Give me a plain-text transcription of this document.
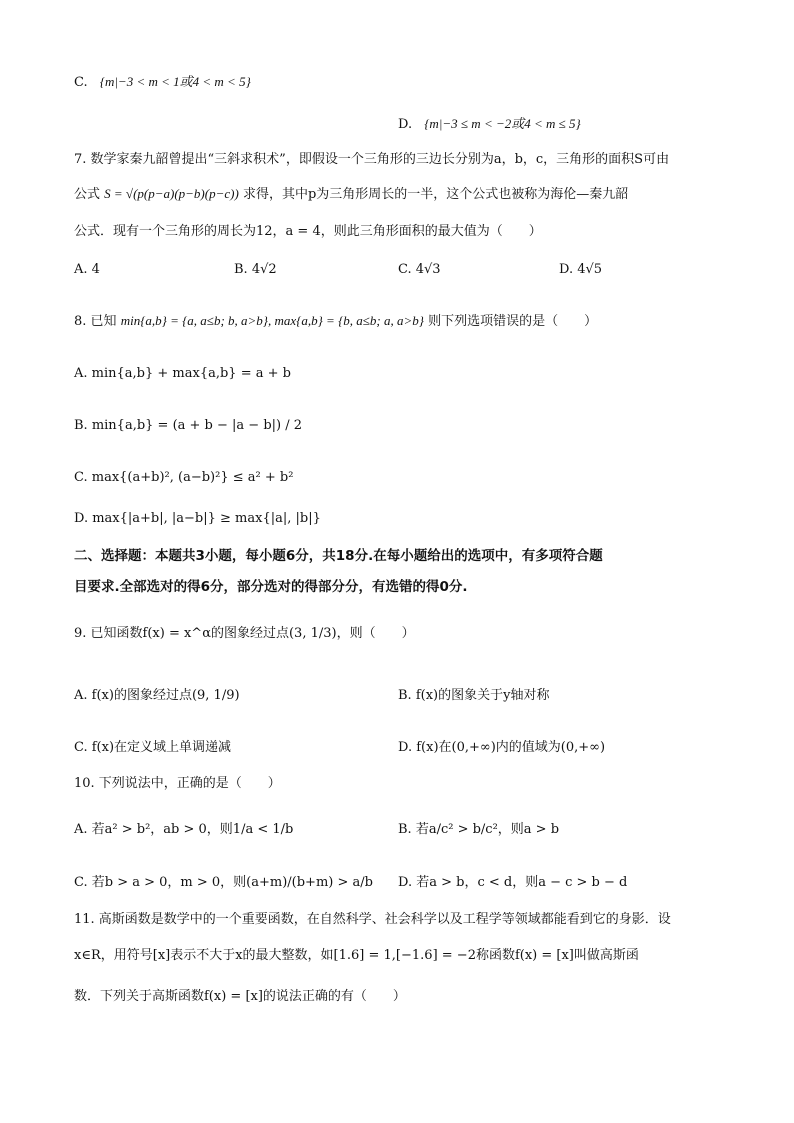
C. {m|−3 < m < 1或4 < m < 5}
D. {m|−3 ≤ m < −2或4 < m ≤ 5}
7. 数学家秦九韶曾提出“三斜求积术”，即假设一个三角形的三边长分别为a，b，c，三角形的面积S可由
公式 S = √(p(p−a)(p−b)(p−c)) 求得，其中p为三角形周长的一半，这个公式也被称为海伦—秦九韶
公式．现有一个三角形的周长为12，a = 4，则此三角形面积的最大值为（　　）
A. 4	B. 4√2	C. 4√3	D. 4√5
8. 已知 min{a,b} = {a, a≤b; b, a>b}, max{a,b} = {b, a≤b; a, a>b} 则下列选项错误的是（　　）
A. min{a,b} + max{a,b} = a + b
B. min{a,b} = (a + b − |a − b|) / 2
C. max{(a+b)², (a−b)²} ≤ a² + b²
D. max{|a+b|, |a−b|} ≥ max{|a|, |b|}
二、选择题：本题共3小题，每小题6分，共18分.在每小题给出的选项中，有多项符合题
目要求.全部选对的得6分，部分选对的得部分分，有选错的得0分.
9. 已知函数f(x) = x^α的图象经过点(3, 1/3)，则（　　）
A. f(x)的图象经过点(9, 1/9)	B. f(x)的图象关于y轴对称
C. f(x)在定义域上单调递减	D. f(x)在(0,+∞)内的值域为(0,+∞)
10. 下列说法中，正确的是（　　）
A. 若a² > b²，ab > 0，则1/a < 1/b	B. 若a/c² > b/c²，则a > b
C. 若b > a > 0，m > 0，则(a+m)/(b+m) > a/b D. 若a > b，c < d，则a − c > b − d
11. 高斯函数是数学中的一个重要函数，在自然科学、社会科学以及工程学等领域都能看到它的身影．设
x∈R，用符号[x]表示不大于x的最大整数，如[1.6] = 1,[−1.6] = −2称函数f(x) = [x]叫做高斯函
数．下列关于高斯函数f(x) = [x]的说法正确的有（　　）
